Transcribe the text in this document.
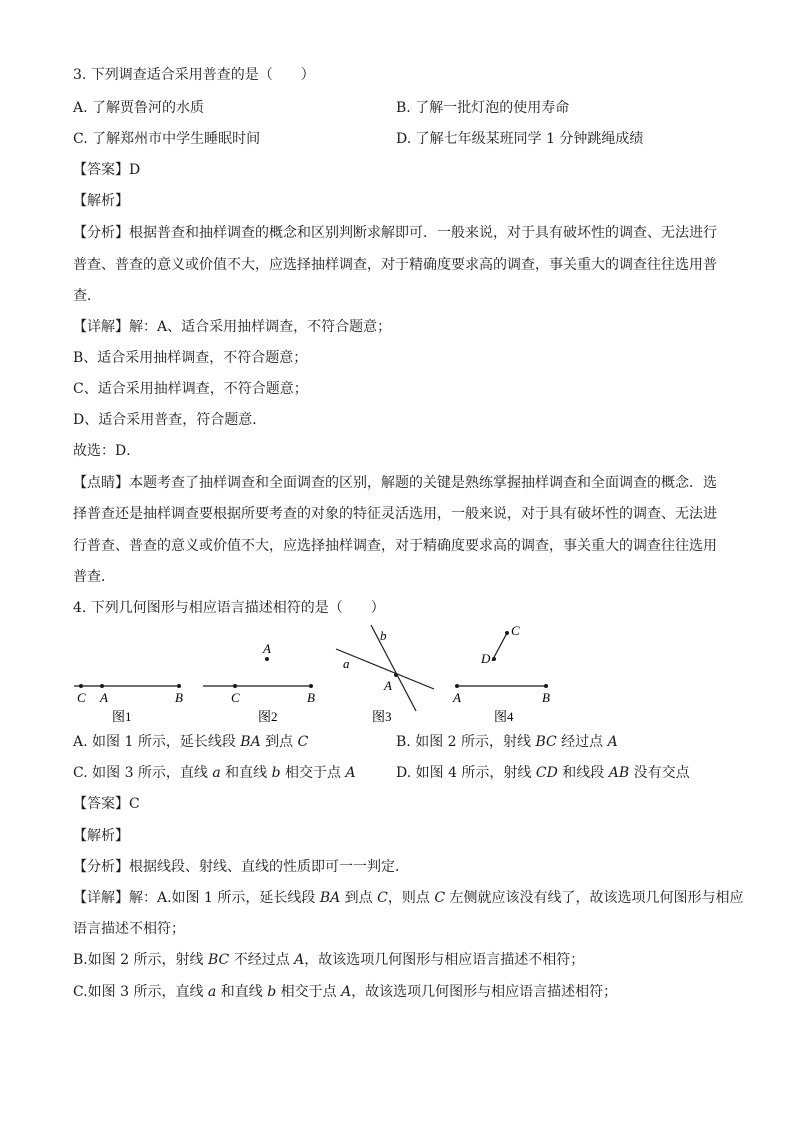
3. 下列调查适合采用普查的是（　　）
A. 了解贾鲁河的水质	B. 了解一批灯泡的使用寿命
C. 了解郑州市中学生睡眠时间	D. 了解七年级某班同学 1 分钟跳绳成绩
【答案】D
【解析】
【分析】根据普查和抽样调查的概念和区别判断求解即可．一般来说，对于具有破坏性的调查、无法进行
普查、普查的意义或价值不大，应选择抽样调查，对于精确度要求高的调查，事关重大的调查往往选用普
查．
【详解】解：A、适合采用抽样调查，不符合题意；
B、适合采用抽样调查，不符合题意；
C、适合采用抽样调查，不符合题意；
D、适合采用普查，符合题意．
故选：D．
【点睛】本题考查了抽样调查和全面调查的区别，解题的关键是熟练掌握抽样调查和全面调查的概念．选
择普查还是抽样调查要根据所要考查的对象的特征灵活选用，一般来说，对于具有破坏性的调查、无法进
行普查、普查的意义或价值不大，应选择抽样调查，对于精确度要求高的调查，事关重大的调查往往选用
普查．
4. 下列几何图形与相应语言描述相符的是（　　）
C A	B
图1
A
C	B
图2
b
a
A
图3
C
D
A	B
图4
A. 如图 1 所示，延长线段 BA 到点 C	B. 如图 2 所示，射线 BC 经过点 A
C. 如图 3 所示，直线 a 和直线 b 相交于点 A	D. 如图 4 所示，射线 CD 和线段 AB 没有交点
【答案】C
【解析】
【分析】根据线段、射线、直线的性质即可一一判定．
【详解】解：A.如图 1 所示，延长线段 BA 到点 C，则点 C 左侧就应该没有线了，故该选项几何图形与相应
语言描述不相符；
B.如图 2 所示，射线 BC 不经过点 A，故该选项几何图形与相应语言描述不相符；
C.如图 3 所示，直线 a 和直线 b 相交于点 A，故该选项几何图形与相应语言描述相符；
